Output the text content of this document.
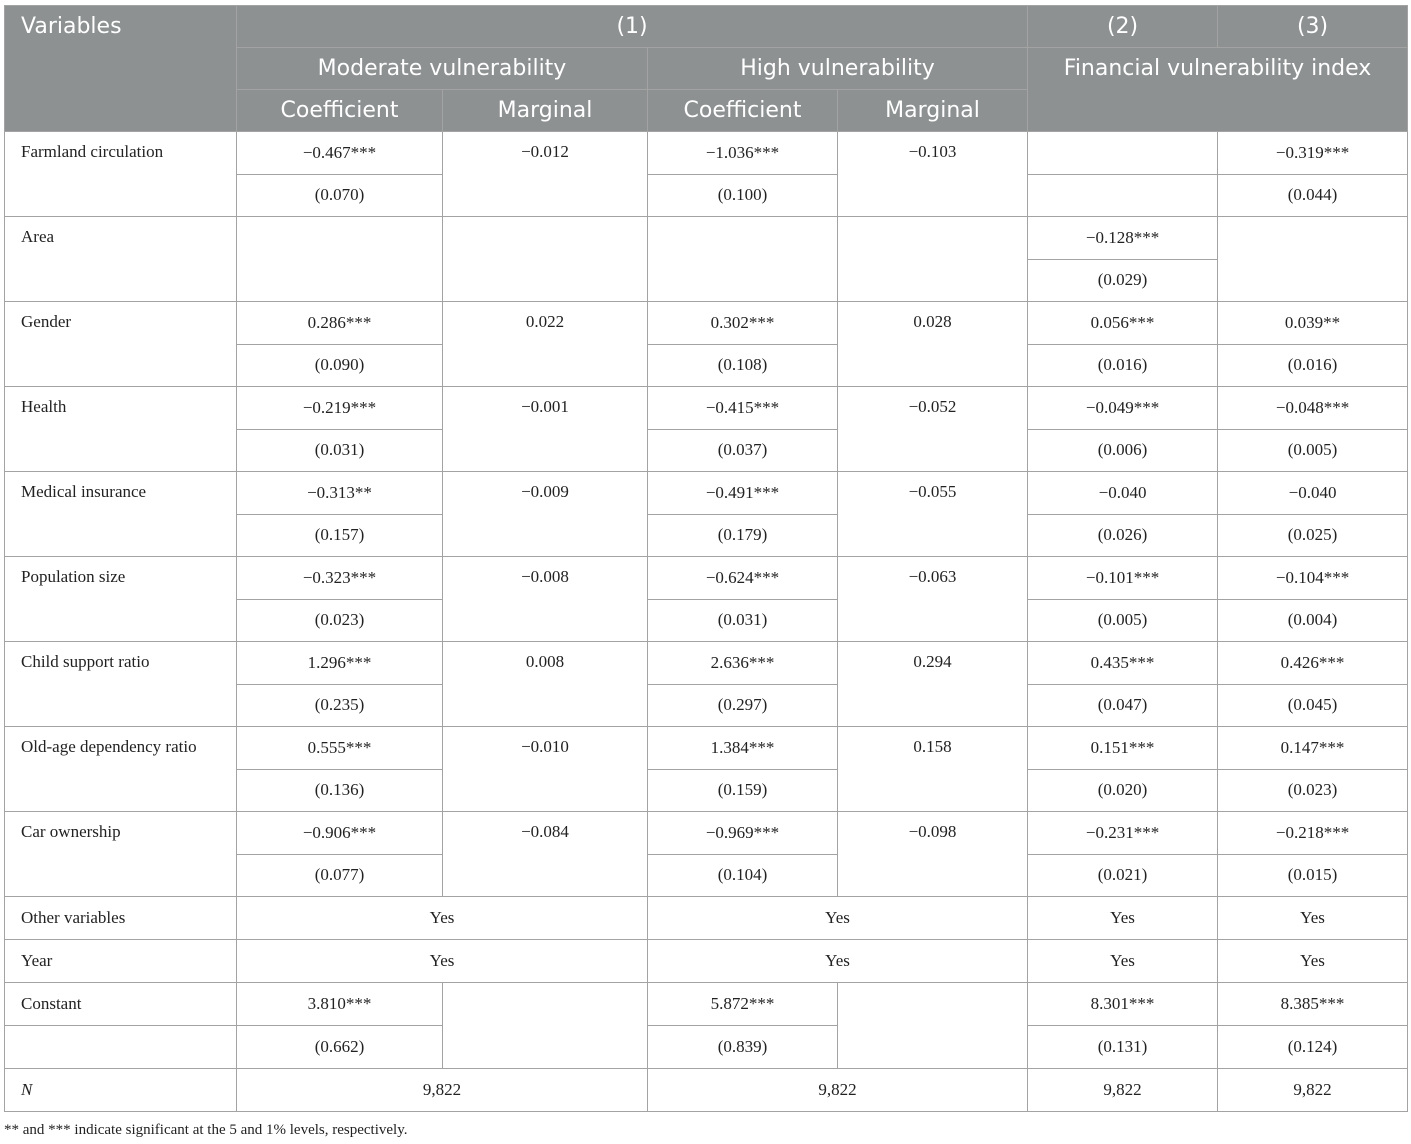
Variables	(1)				(2)	(3)
	Moderate vulnerability		High vulnerability		Financial vulnerability index	
	Coefficient	Marginal	Coefficient	Marginal		
Farmland circulation	−0.467***	−0.012	−1.036***	−0.103		−0.319***
	(0.070)		(0.100)			(0.044)
Area					−0.128***	
					(0.029)	
Gender	0.286***	0.022	0.302***	0.028	0.056***	0.039**
	(0.090)		(0.108)		(0.016)	(0.016)
Health	−0.219***	−0.001	−0.415***	−0.052	−0.049***	−0.048***
	(0.031)		(0.037)		(0.006)	(0.005)
Medical insurance	−0.313**	−0.009	−0.491***	−0.055	−0.040	−0.040
	(0.157)		(0.179)		(0.026)	(0.025)
Population size	−0.323***	−0.008	−0.624***	−0.063	−0.101***	−0.104***
	(0.023)		(0.031)		(0.005)	(0.004)
Child support ratio	1.296***	0.008	2.636***	0.294	0.435***	0.426***
	(0.235)		(0.297)		(0.047)	(0.045)
Old-age dependency ratio	0.555***	−0.010	1.384***	0.158	0.151***	0.147***
	(0.136)		(0.159)		(0.020)	(0.023)
Car ownership	−0.906***	−0.084	−0.969***	−0.098	−0.231***	−0.218***
	(0.077)		(0.104)		(0.021)	(0.015)
Other variables	Yes		Yes		Yes	Yes
Year	Yes		Yes		Yes	Yes
Constant	3.810***		5.872***		8.301***	8.385***
	(0.662)		(0.839)		(0.131)	(0.124)
N	9,822		9,822		9,822	9,822
** and *** indicate significant at the 5 and 1% levels, respectively.
